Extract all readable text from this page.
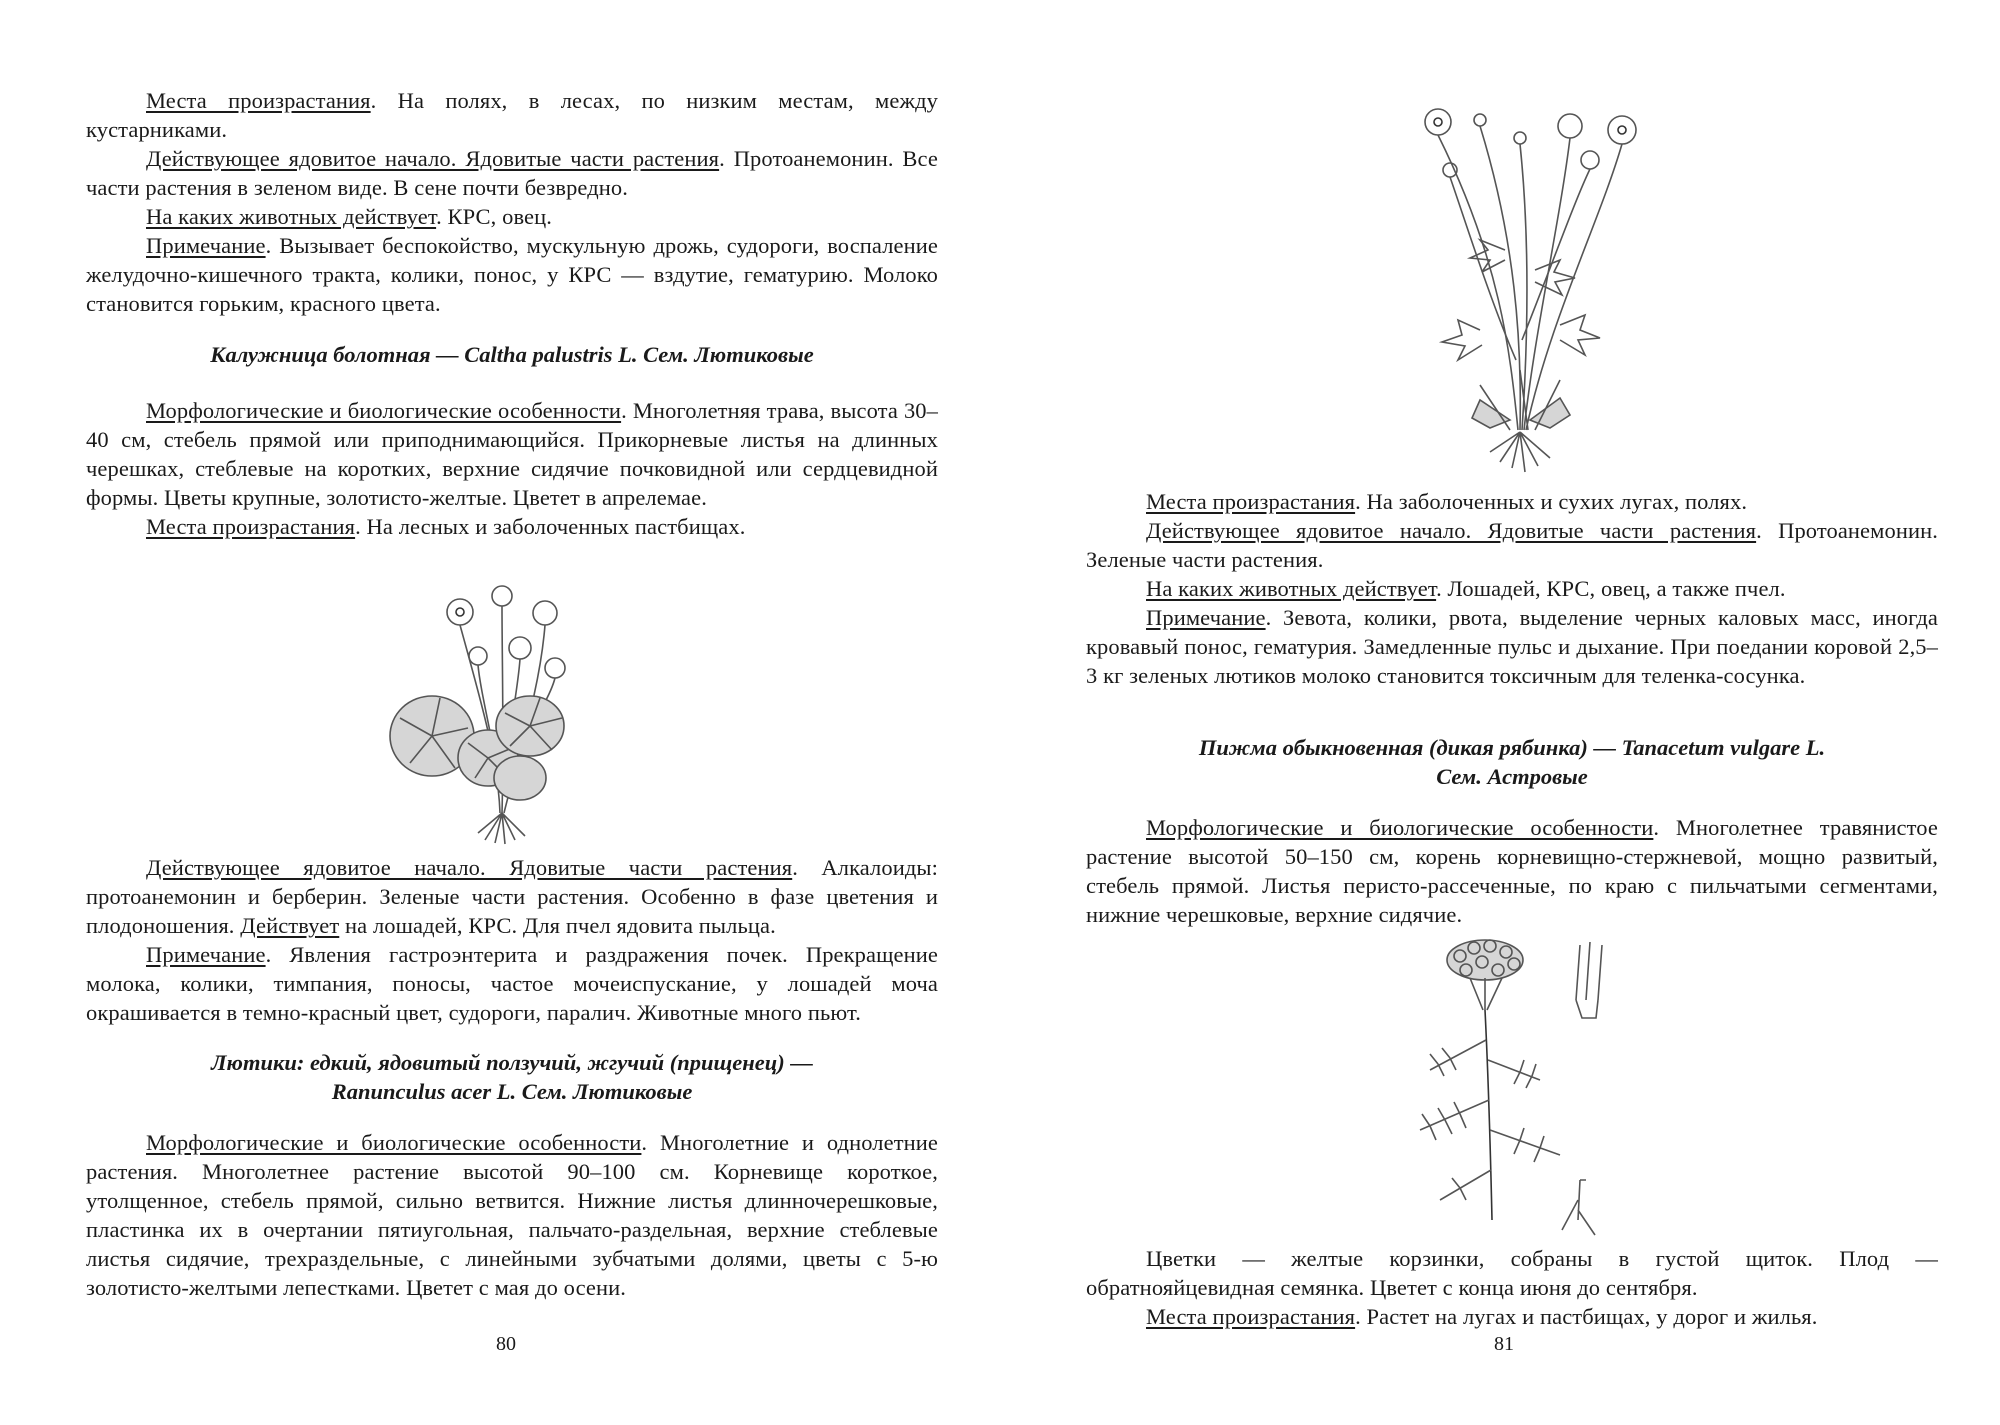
Места произрастания. На полях, в лесах, по низким местам, между кустарниками.

Действующее ядовитое начало. Ядовитые части растения. Протоанемонин. Все части растения в зеленом виде. В сене почти безвредно.

На каких животных действует. КРС, овец.

Примечание. Вызывает беспокойство, мускульную дрожь, судороги, воспаление желудочно-кишечного тракта, колики, понос, у КРС — вздутие, гематурию. Молоко становится горьким, красного цвета.

Калужница болотная — Caltha palustris L. Сем. Лютиковые

Морфологические и биологические особенности. Многолетняя трава, высота 30–40 см, стебель прямой или приподнимающийся. Прикорневые листья на длинных черешках, стеблевые на коротких, верхние сидячие почковидной или сердцевидной формы. Цветы крупные, золотисто-желтые. Цветет в апрелемае.

Места произрастания. На лесных и заболоченных пастбищах.

Действующее ядовитое начало. Ядовитые части растения. Алкалоиды: протоанемонин и берберин. Зеленые части растения. Особенно в фазе цветения и плодоношения. Действует на лошадей, КРС. Для пчел ядовита пыльца.

Примечание. Явления гастроэнтерита и раздражения почек. Прекращение молока, колики, тимпания, поносы, частое мочеиспускание, у лошадей моча окрашивается в темно-красный цвет, судороги, паралич. Животные много пьют.

Лютики: едкий, ядовитый ползучий, жгучий (прищенец) —
Ranunculus acer L. Сем. Лютиковые

Морфологические и биологические особенности. Многолетние и однолетние растения. Многолетнее растение высотой 90–100 см. Корневище короткое, утолщенное, стебель прямой, сильно ветвится. Нижние листья длинночерешковые, пластинка их в очертании пятиугольная, пальчато-раздельная, верхние стеблевые листья сидячие, трехраздельные, с линейными зубчатыми долями, цветы с 5-ю золотисто-желтыми лепестками. Цветет с мая до осени.

80

Места произрастания. На заболоченных и сухих лугах, полях.

Действующее ядовитое начало. Ядовитые части растения. Протоанемонин. Зеленые части растения.

На каких животных действует. Лошадей, КРС, овец, а также пчел.

Примечание. Зевота, колики, рвота, выделение черных каловых масс, иногда кровавый понос, гематурия. Замедленные пульс и дыхание. При поедании коровой 2,5–3 кг зеленых лютиков молоко становится токсичным для теленка-сосунка.

Пижма обыкновенная (дикая рябинка) — Tanacetum vulgare L.
Сем. Астровые

Морфологические и биологические особенности. Многолетнее травянистое растение высотой 50–150 см, корень корневищно-стержневой, мощно развитый, стебель прямой. Листья перисто-рассеченные, по краю с пильчатыми сегментами, нижние черешковые, верхние сидячие.

Цветки — желтые корзинки, собраны в густой щиток. Плод — обратнояйцевидная семянка. Цветет с конца июня до сентября.

Места произрастания. Растет на лугах и пастбищах, у дорог и жилья.

81
